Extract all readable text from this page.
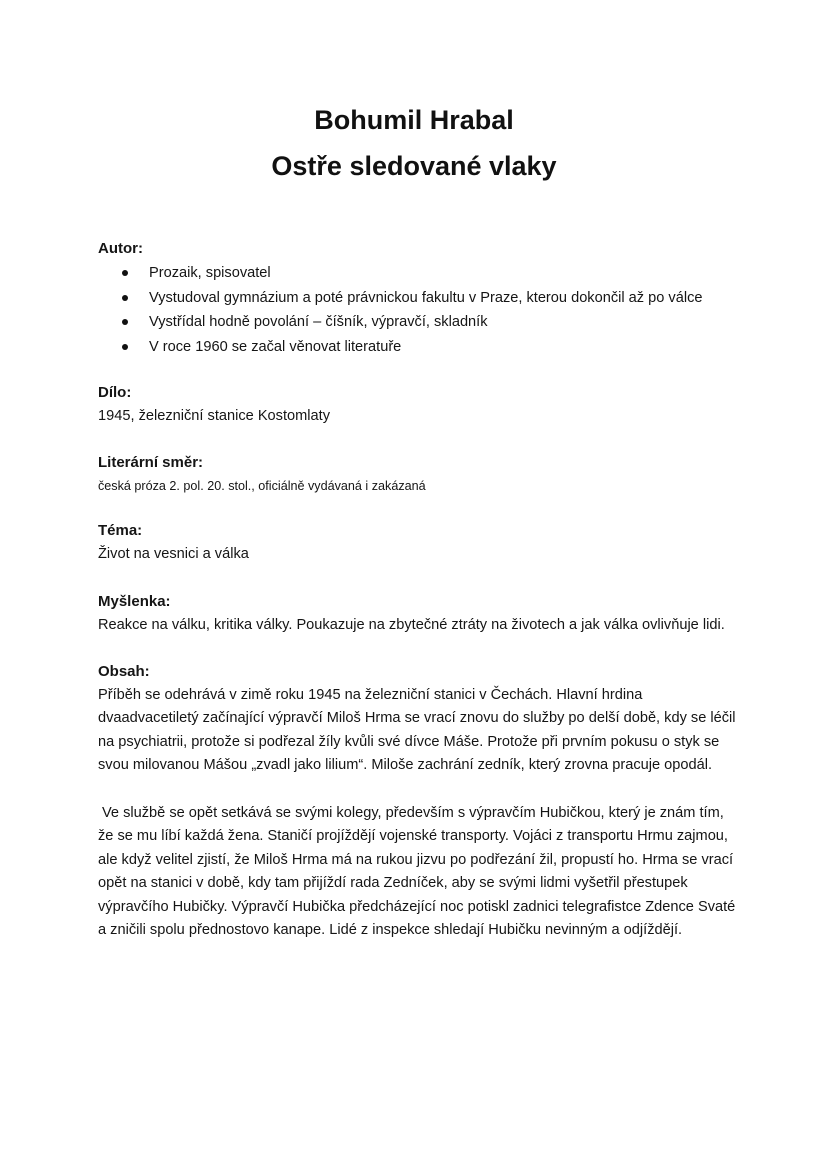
Bohumil Hrabal
Ostře sledované vlaky
Autor:
Prozaik, spisovatel
Vystudoval gymnázium a poté právnickou fakultu v Praze, kterou dokončil až po válce
Vystřídal hodně povolání – číšník, výpravčí, skladník
V roce 1960 se začal věnovat literatuře
Dílo:

1945, železniční stanice Kostomlaty

Literární směr:

česká próza 2. pol. 20. stol., oficiálně vydávaná i zakázaná

Téma:

Život na vesnici a válka

Myšlenka:

Reakce na válku, kritika války. Poukazuje na zbytečné ztráty na životech a jak válka ovlivňuje lidi.

Obsah:

Příběh se odehrává v zimě roku 1945 na železniční stanici v Čechách. Hlavní hrdina dvaadvacetiletý začínající výpravčí Miloš Hrma se vrací znovu do služby po delší době, kdy se léčil na psychiatrii, protože si podřezal žíly kvůli své dívce Máše. Protože při prvním pokusu o styk se svou milovanou Mášou „zvadl jako lilium“. Miloše zachrání zedník, který zrovna pracuje opodál.

Ve službě se opět setkává se svými kolegy, především s výpravčím Hubičkou, který je znám tím, že se mu líbí každá žena. Staničí projíždějí vojenské transporty. Vojáci z transportu Hrmu zajmou, ale když velitel zjistí, že Miloš Hrma má na rukou jizvu po podřezání žil, propustí ho. Hrma se vrací opět na stanici v době, kdy tam přijíždí rada Zedníček, aby se svými lidmi vyšetřil přestupek výpravčího Hubičky. Výpravčí Hubička předcházející noc potiskl zadnici telegrafistce Zdence Svaté a zničili spolu přednostovo kanape. Lidé z inspekce shledají Hubičku nevinným a odjíždějí.
